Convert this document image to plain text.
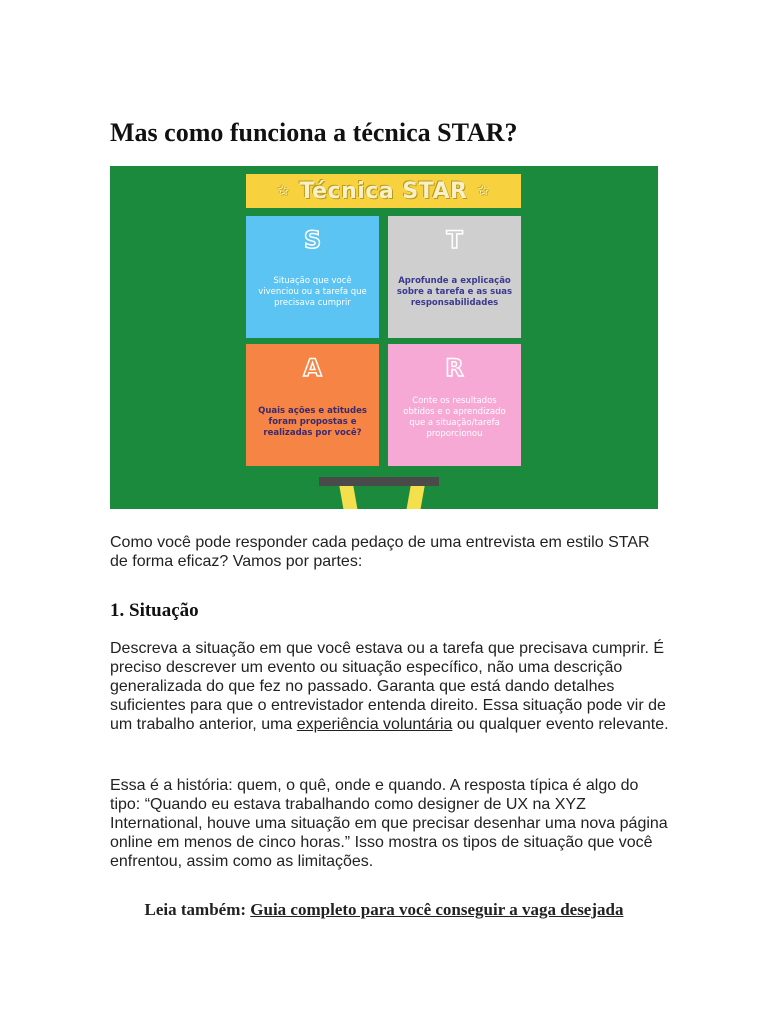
Mas como funciona a técnica STAR?
✩ Técnica STAR ✩
S
Situação que você vivenciou ou a tarefa que precisava cumprir
T
Aprofunde a explicação sobre a tarefa e as suas responsabilidades
A
Quais ações e atitudes foram propostas e realizadas por você?
R
Conte os resultados obtidos e o aprendizado que a situação/tarefa proporcionou

Como você pode responder cada pedaço de uma entrevista em estilo STAR de forma eficaz? Vamos por partes:

1. Situação

Descreva a situação em que você estava ou a tarefa que precisava cumprir. É preciso descrever um evento ou situação específico, não uma descrição generalizada do que fez no passado. Garanta que está dando detalhes suficientes para que o entrevistador entenda direito. Essa situação pode vir de um trabalho anterior, uma experiência voluntária ou qualquer evento relevante.

Essa é a história: quem, o quê, onde e quando. A resposta típica é algo do tipo: “Quando eu estava trabalhando como designer de UX na XYZ International, houve uma situação em que precisar desenhar uma nova página online em menos de cinco horas.” Isso mostra os tipos de situação que você enfrentou, assim como as limitações.

Leia também: Guia completo para você conseguir a vaga desejada
